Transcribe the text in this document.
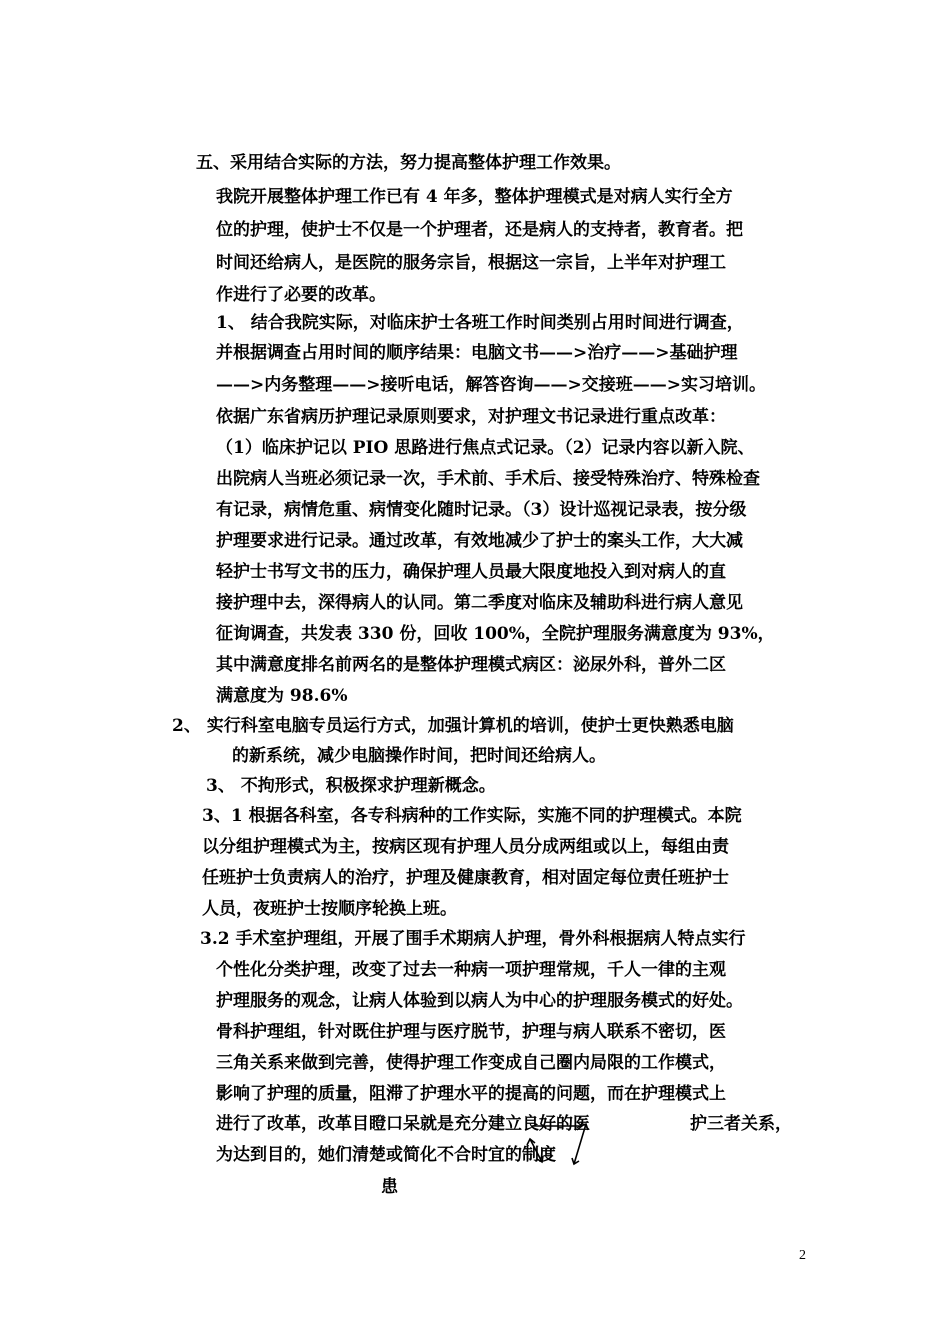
五、采用结合实际的方法，努力提高整体护理工作效果。
我院开展整体护理工作已有 4 年多，整体护理模式是对病人实行全方
位的护理，使护士不仅是一个护理者，还是病人的支持者，教育者。把
时间还给病人，是医院的服务宗旨，根据这一宗旨，上半年对护理工
作进行了必要的改革。
1、 结合我院实际，对临床护士各班工作时间类别占用时间进行调查，
并根据调查占用时间的顺序结果：电脑文书——>治疗——>基础护理
——>内务整理——>接听电话，解答咨询——>交接班——>实习培训。
依据广东省病历护理记录原则要求，对护理文书记录进行重点改革：
（1）临床护记以 PIO 思路进行焦点式记录。（2）记录内容以新入院、
出院病人当班必须记录一次，手术前、手术后、接受特殊治疗、特殊检查
有记录，病情危重、病情变化随时记录。（3）设计巡视记录表，按分级
护理要求进行记录。通过改革，有效地减少了护士的案头工作，大大减
轻护士书写文书的压力，确保护理人员最大限度地投入到对病人的直
接护理中去，深得病人的认同。第二季度对临床及辅助科进行病人意见
征询调查，共发表 330 份，回收 100%，全院护理服务满意度为 93%，
其中满意度排名前两名的是整体护理模式病区：泌尿外科，普外二区
满意度为 98.6%
2、 实行科室电脑专员运行方式，加强计算机的培训，使护士更快熟悉电脑
的新系统，减少电脑操作时间，把时间还给病人。
3、 不拘形式，积极探求护理新概念。
3、1 根据各科室，各专科病种的工作实际，实施不同的护理模式。本院
以分组护理模式为主，按病区现有护理人员分成两组或以上，每组由责
任班护士负责病人的治疗，护理及健康教育，相对固定每位责任班护士
人员，夜班护士按顺序轮换上班。
3.2 手术室护理组，开展了围手术期病人护理，骨外科根据病人特点实行
个性化分类护理，改变了过去一种病一项护理常规，千人一律的主观
护理服务的观念，让病人体验到以病人为中心的护理服务模式的好处。
骨科护理组，针对既住护理与医疗脱节，护理与病人联系不密切，医
三角关系来做到完善，使得护理工作变成自己圈内局限的工作模式，
影响了护理的质量，阻滞了护理水平的提高的问题，而在护理模式上
进行了改革，改革目瞪口呆就是充分建立良好的医	护三者关系，
为达到目的，她们清楚或简化不合时宜的制度
患
2
